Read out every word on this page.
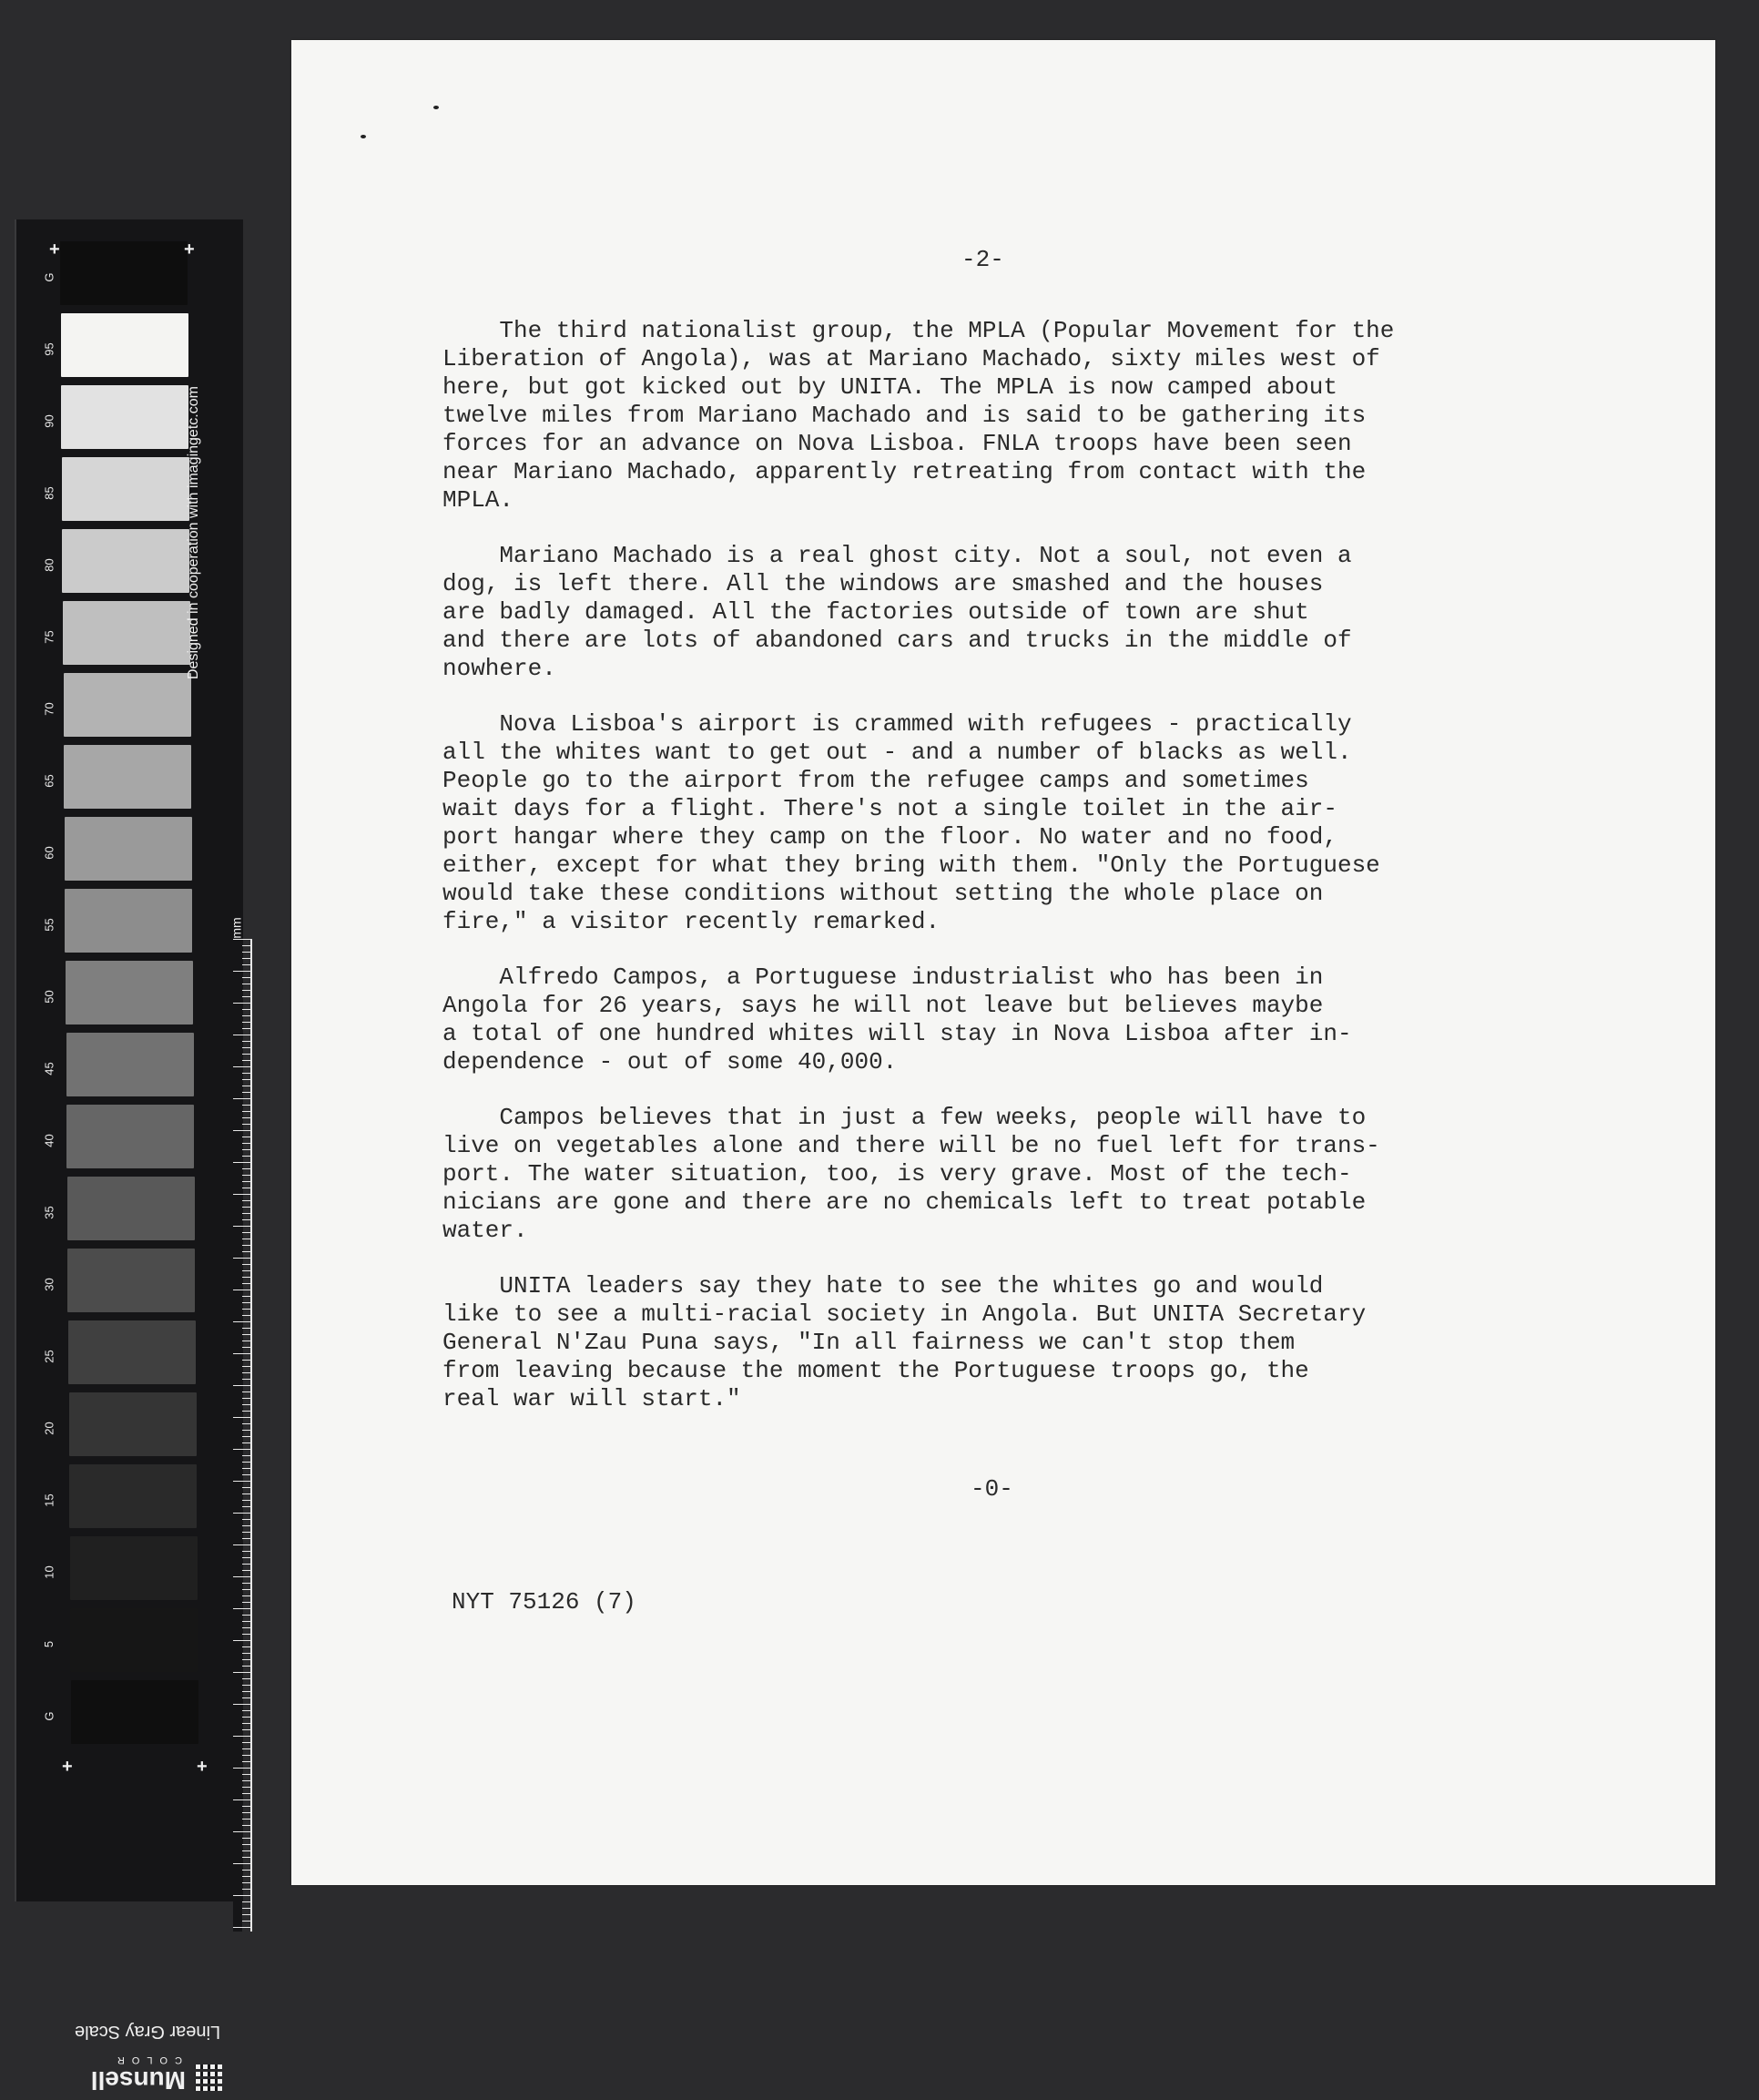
G
95
90
85
80
75
70
65
60
55
50
45
40
35
30
25
20
15
10
5
G
+	+
+	+
Designed in cooperation with imagingetc.com
mm
Linear Gray Scale
Munsell
COLOR
-2-
The third nationalist group, the MPLA (Popular Movement for the
Liberation of Angola), was at Mariano Machado, sixty miles west of
here, but got kicked out by UNITA. The MPLA is now camped about
twelve miles from Mariano Machado and is said to be gathering its
forces for an advance on Nova Lisboa. FNLA troops have been seen
near Mariano Machado, apparently retreating from contact with the
MPLA.
Mariano Machado is a real ghost city. Not a soul, not even a
dog, is left there. All the windows are smashed and the houses
are badly damaged. All the factories outside of town are shut
and there are lots of abandoned cars and trucks in the middle of
nowhere.
Nova Lisboa's airport is crammed with refugees - practically
all the whites want to get out - and a number of blacks as well.
People go to the airport from the refugee camps and sometimes
wait days for a flight. There's not a single toilet in the air-
port hangar where they camp on the floor. No water and no food,
either, except for what they bring with them. "Only the Portuguese
would take these conditions without setting the whole place on
fire," a visitor recently remarked.
Alfredo Campos, a Portuguese industrialist who has been in
Angola for 26 years, says he will not leave but believes maybe
a total of one hundred whites will stay in Nova Lisboa after in-
dependence - out of some 40,000.
Campos believes that in just a few weeks, people will have to
live on vegetables alone and there will be no fuel left for trans-
port. The water situation, too, is very grave. Most of the tech-
nicians are gone and there are no chemicals left to treat potable
water.
UNITA leaders say they hate to see the whites go and would
like to see a multi-racial society in Angola. But UNITA Secretary
General N'Zau Puna says, "In all fairness we can't stop them
from leaving because the moment the Portuguese troops go, the
real war will start."
-0-
NYT 75126 (7)
